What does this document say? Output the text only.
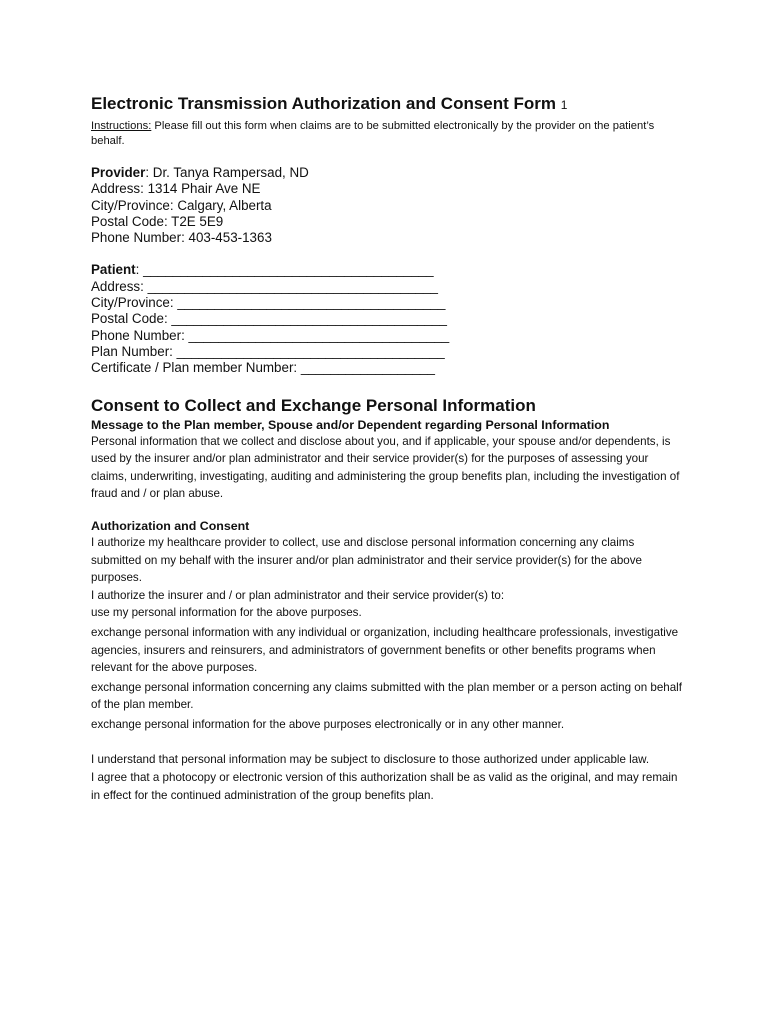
Electronic Transmission Authorization and Consent Form 1

Instructions: Please fill out this form when claims are to be submitted electronically by the provider on the patient’s behalf.

Provider: Dr. Tanya Rampersad, ND

Address: 1314 Phair Ave NE

City/Province: Calgary, Alberta

Postal Code: T2E 5E9

Phone Number: 403-453-1363

Patient: _______________________________________

Address: _______________________________________

City/Province: ____________________________________

Postal Code: _____________________________________

Phone Number: ___________________________________

Plan Number: ____________________________________

Certificate / Plan member Number: __________________

Consent to Collect and Exchange Personal Information
Message to the Plan member, Spouse and/or Dependent regarding Personal Information

Personal information that we collect and disclose about you, and if applicable, your spouse and/or dependents, is used by the insurer and/or plan administrator and their service provider(s) for the purposes of assessing your claims, underwriting, investigating, auditing and administering the group benefits plan, including the investigation of fraud and / or plan abuse.

Authorization and Consent

I authorize my healthcare provider to collect, use and disclose personal information concerning any claims submitted on my behalf with the insurer and/or plan administrator and their service provider(s) for the above purposes.

I authorize the insurer and / or plan administrator and their service provider(s) to:

use my personal information for the above purposes.

exchange personal information with any individual or organization, including healthcare professionals, investigative agencies, insurers and reinsurers, and administrators of government benefits or other benefits programs when relevant for the above purposes.

exchange personal information concerning any claims submitted with the plan member or a person acting on behalf of the plan member.

exchange personal information for the above purposes electronically or in any other manner.

I understand that personal information may be subject to disclosure to those authorized under applicable law.

I agree that a photocopy or electronic version of this authorization shall be as valid as the original, and may remain in effect for the continued administration of the group benefits plan.
